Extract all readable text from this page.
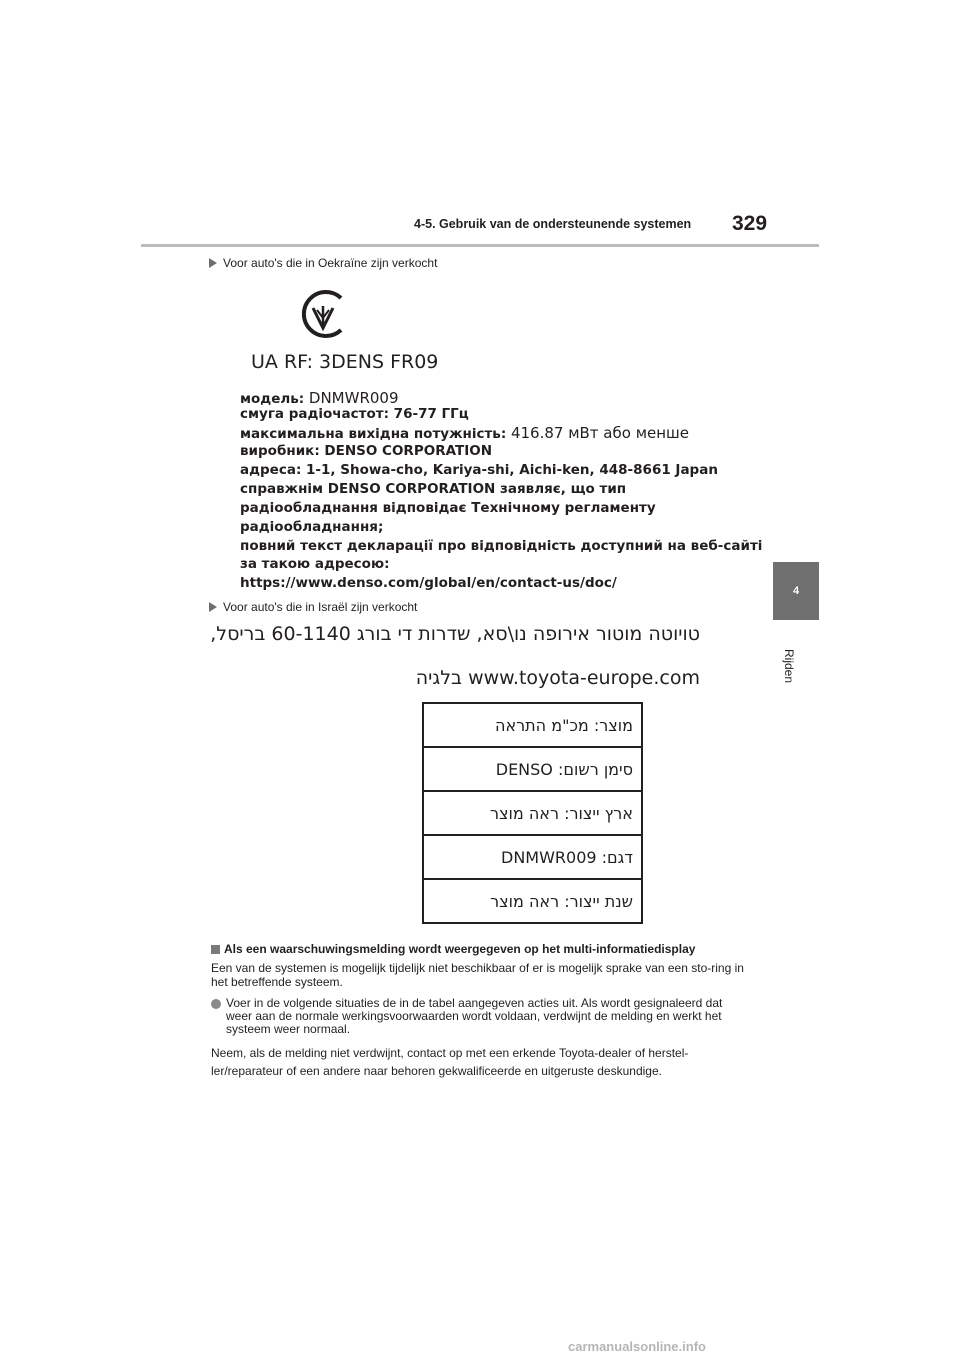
4-5. Gebruik van de ondersteunende systemen	329
4
Rijden
Voor auto's die in Oekraïne zijn verkocht
UA RF: 3DENS FR09
модель: DNMWR009
смуга радіочастот: 76-77 ГГц
максимальна вихідна потужність: 416.87 мВт або менше
виробник: DENSO CORPORATION
адреса: 1-1, Showa-cho, Kariya-shi, Aichi-ken, 448-8661 Japan
справжнім DENSO CORPORATION заявляє, що тип
радіообладнання відповідає Технічному регламенту
радіообладнання;
повний текст декларації про відповідність доступний на веб-сайті
за такою адресою:
https://www.denso.com/global/en/contact-us/doc/
Voor auto's die in Israël zijn verkocht
טויוטה מוטור אירופה נו\סא, שדרות די בורג 60-1140 בריסל,
www.toyota-europe.com בלגיה
מוצר: מכ"מ התראה
סימן רשום: DENSO
ארץ ייצור: ראה מוצר
דגם: DNMWR009
שנת ייצור: ראה מוצר
Als een waarschuwingsmelding wordt weergegeven op het multi-informatiedisplay
Een van de systemen is mogelijk tijdelijk niet beschikbaar of er is mogelijk sprake van een sto-ring in het betreffende systeem.
Voer in de volgende situaties de in de tabel aangegeven acties uit. Als wordt gesignaleerd dat weer aan de normale werkingsvoorwaarden wordt voldaan, verdwijnt de melding en werkt het systeem weer normaal.
Neem, als de melding niet verdwijnt, contact op met een erkende Toyota-dealer of herstel-
ler/reparateur of een andere naar behoren gekwalificeerde en uitgeruste deskundige.
carmanualsonline.info
